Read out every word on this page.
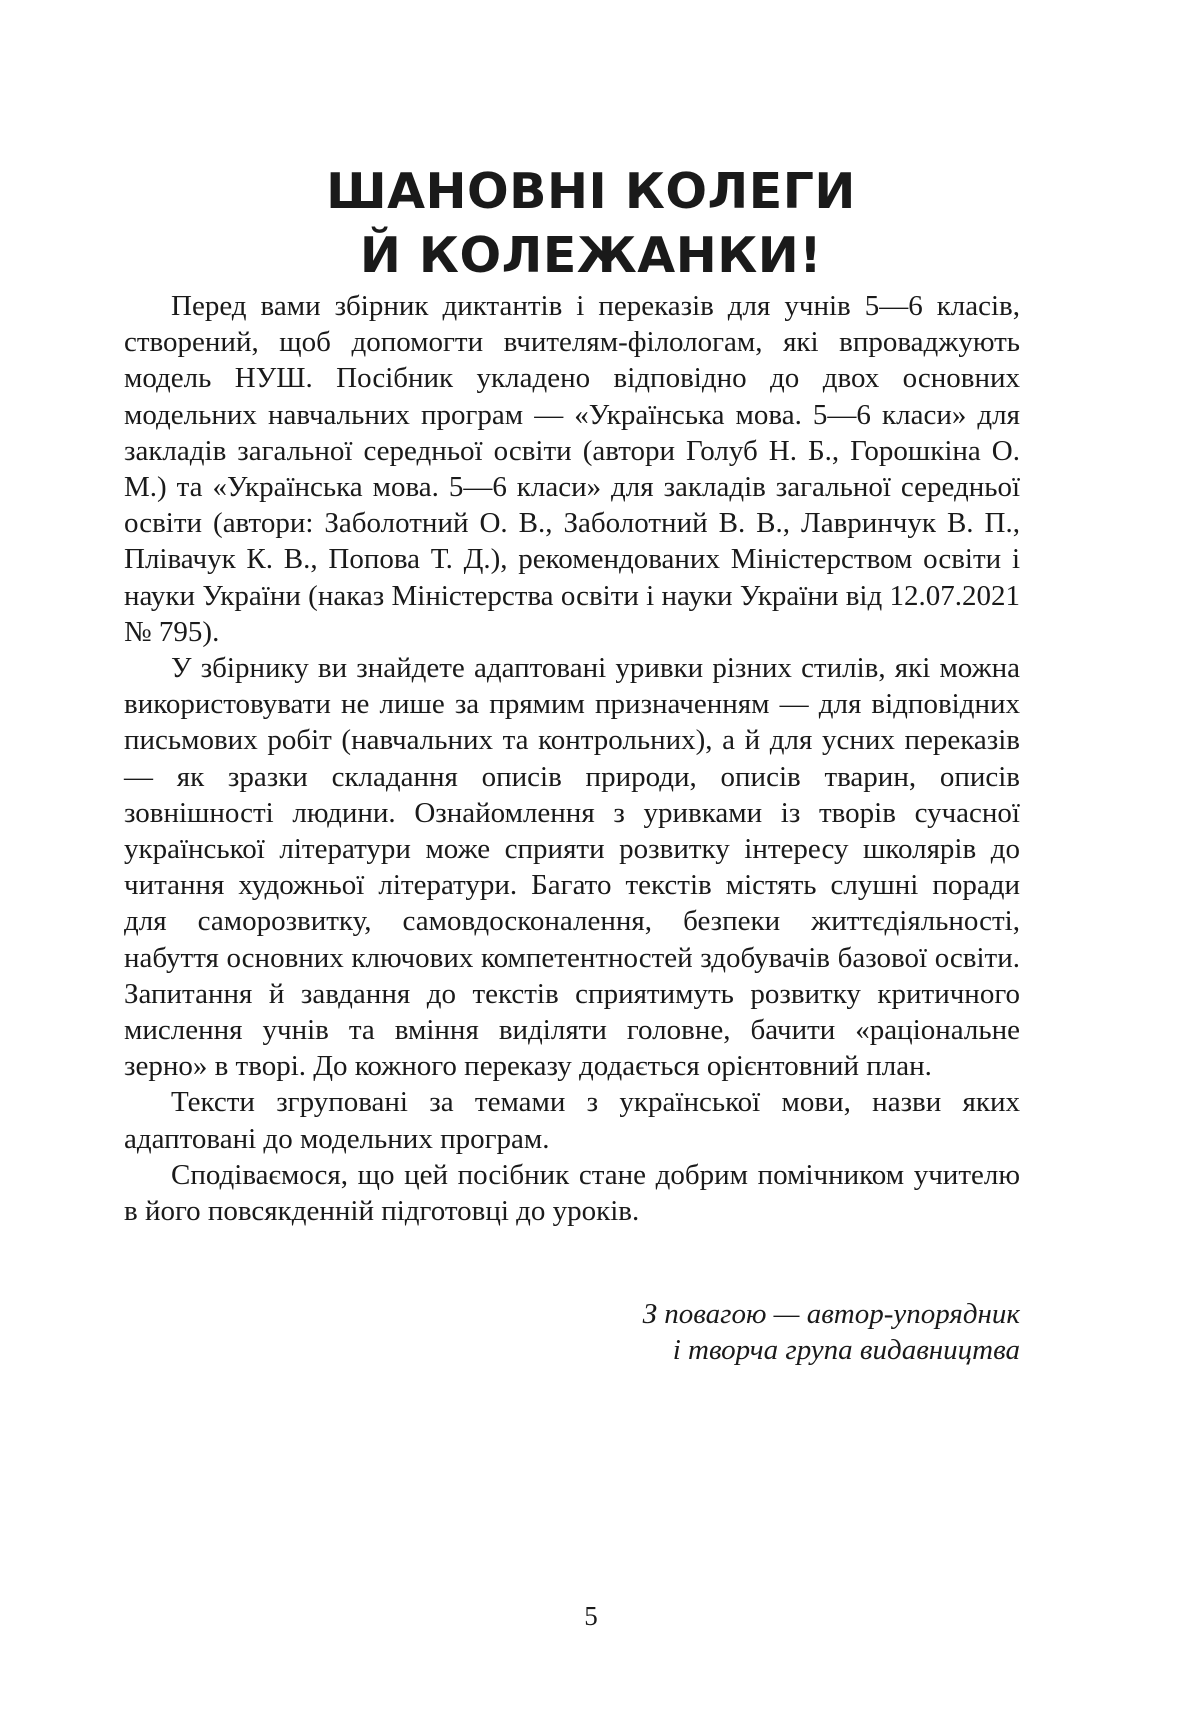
ШАНОВНІ КОЛЕГИ
Й КОЛЕЖАНКИ!

Перед вами збірник диктантів і переказів для учнів 5—6 класів, створений, щоб допомогти вчителям-філологам, які впроваджують модель НУШ. Посібник укладено відповідно до двох основних модельних навчальних програм — «Українська мова. 5—6 класи» для закладів загальної середньої освіти (автори Голуб Н. Б., Горошкіна О. М.) та «Українська мова. 5—6 класи» для закладів загальної середньої освіти (автори: Заболотний О. В., Заболотний В. В., Лавринчук В. П., Плівачук К. В., Попова Т. Д.), рекомендованих Міністерством освіти і науки України (наказ Міністерства освіти і науки України від 12.07.2021 № 795).

У збірнику ви знайдете адаптовані уривки різних стилів, які можна використовувати не лише за прямим призначенням — для відповідних письмових робіт (навчальних та контрольних), а й для усних переказів — як зразки складання описів природи, описів тварин, описів зовнішності людини. Ознайомлення з уривками із творів сучасної української літератури може сприяти розвитку інтересу школярів до читання художньої літератури. Багато текстів містять слушні поради для саморозвитку, самовдосконалення, безпеки життєдіяльності, набуття основних ключових компетентностей здобувачів базової освіти. Запитання й завдання до текстів сприятимуть розвитку критичного мислення учнів та вміння виділяти головне, бачити «раціональне зерно» в творі. До кожного переказу додається орієнтовний план.

Тексти згруповані за темами з української мови, назви яких адаптовані до модельних програм.

Сподіваємося, що цей посібник стане добрим помічником учителю в його повсякденній підготовці до уроків.

З повагою — автор-упорядник
і творча група видавництва
5
